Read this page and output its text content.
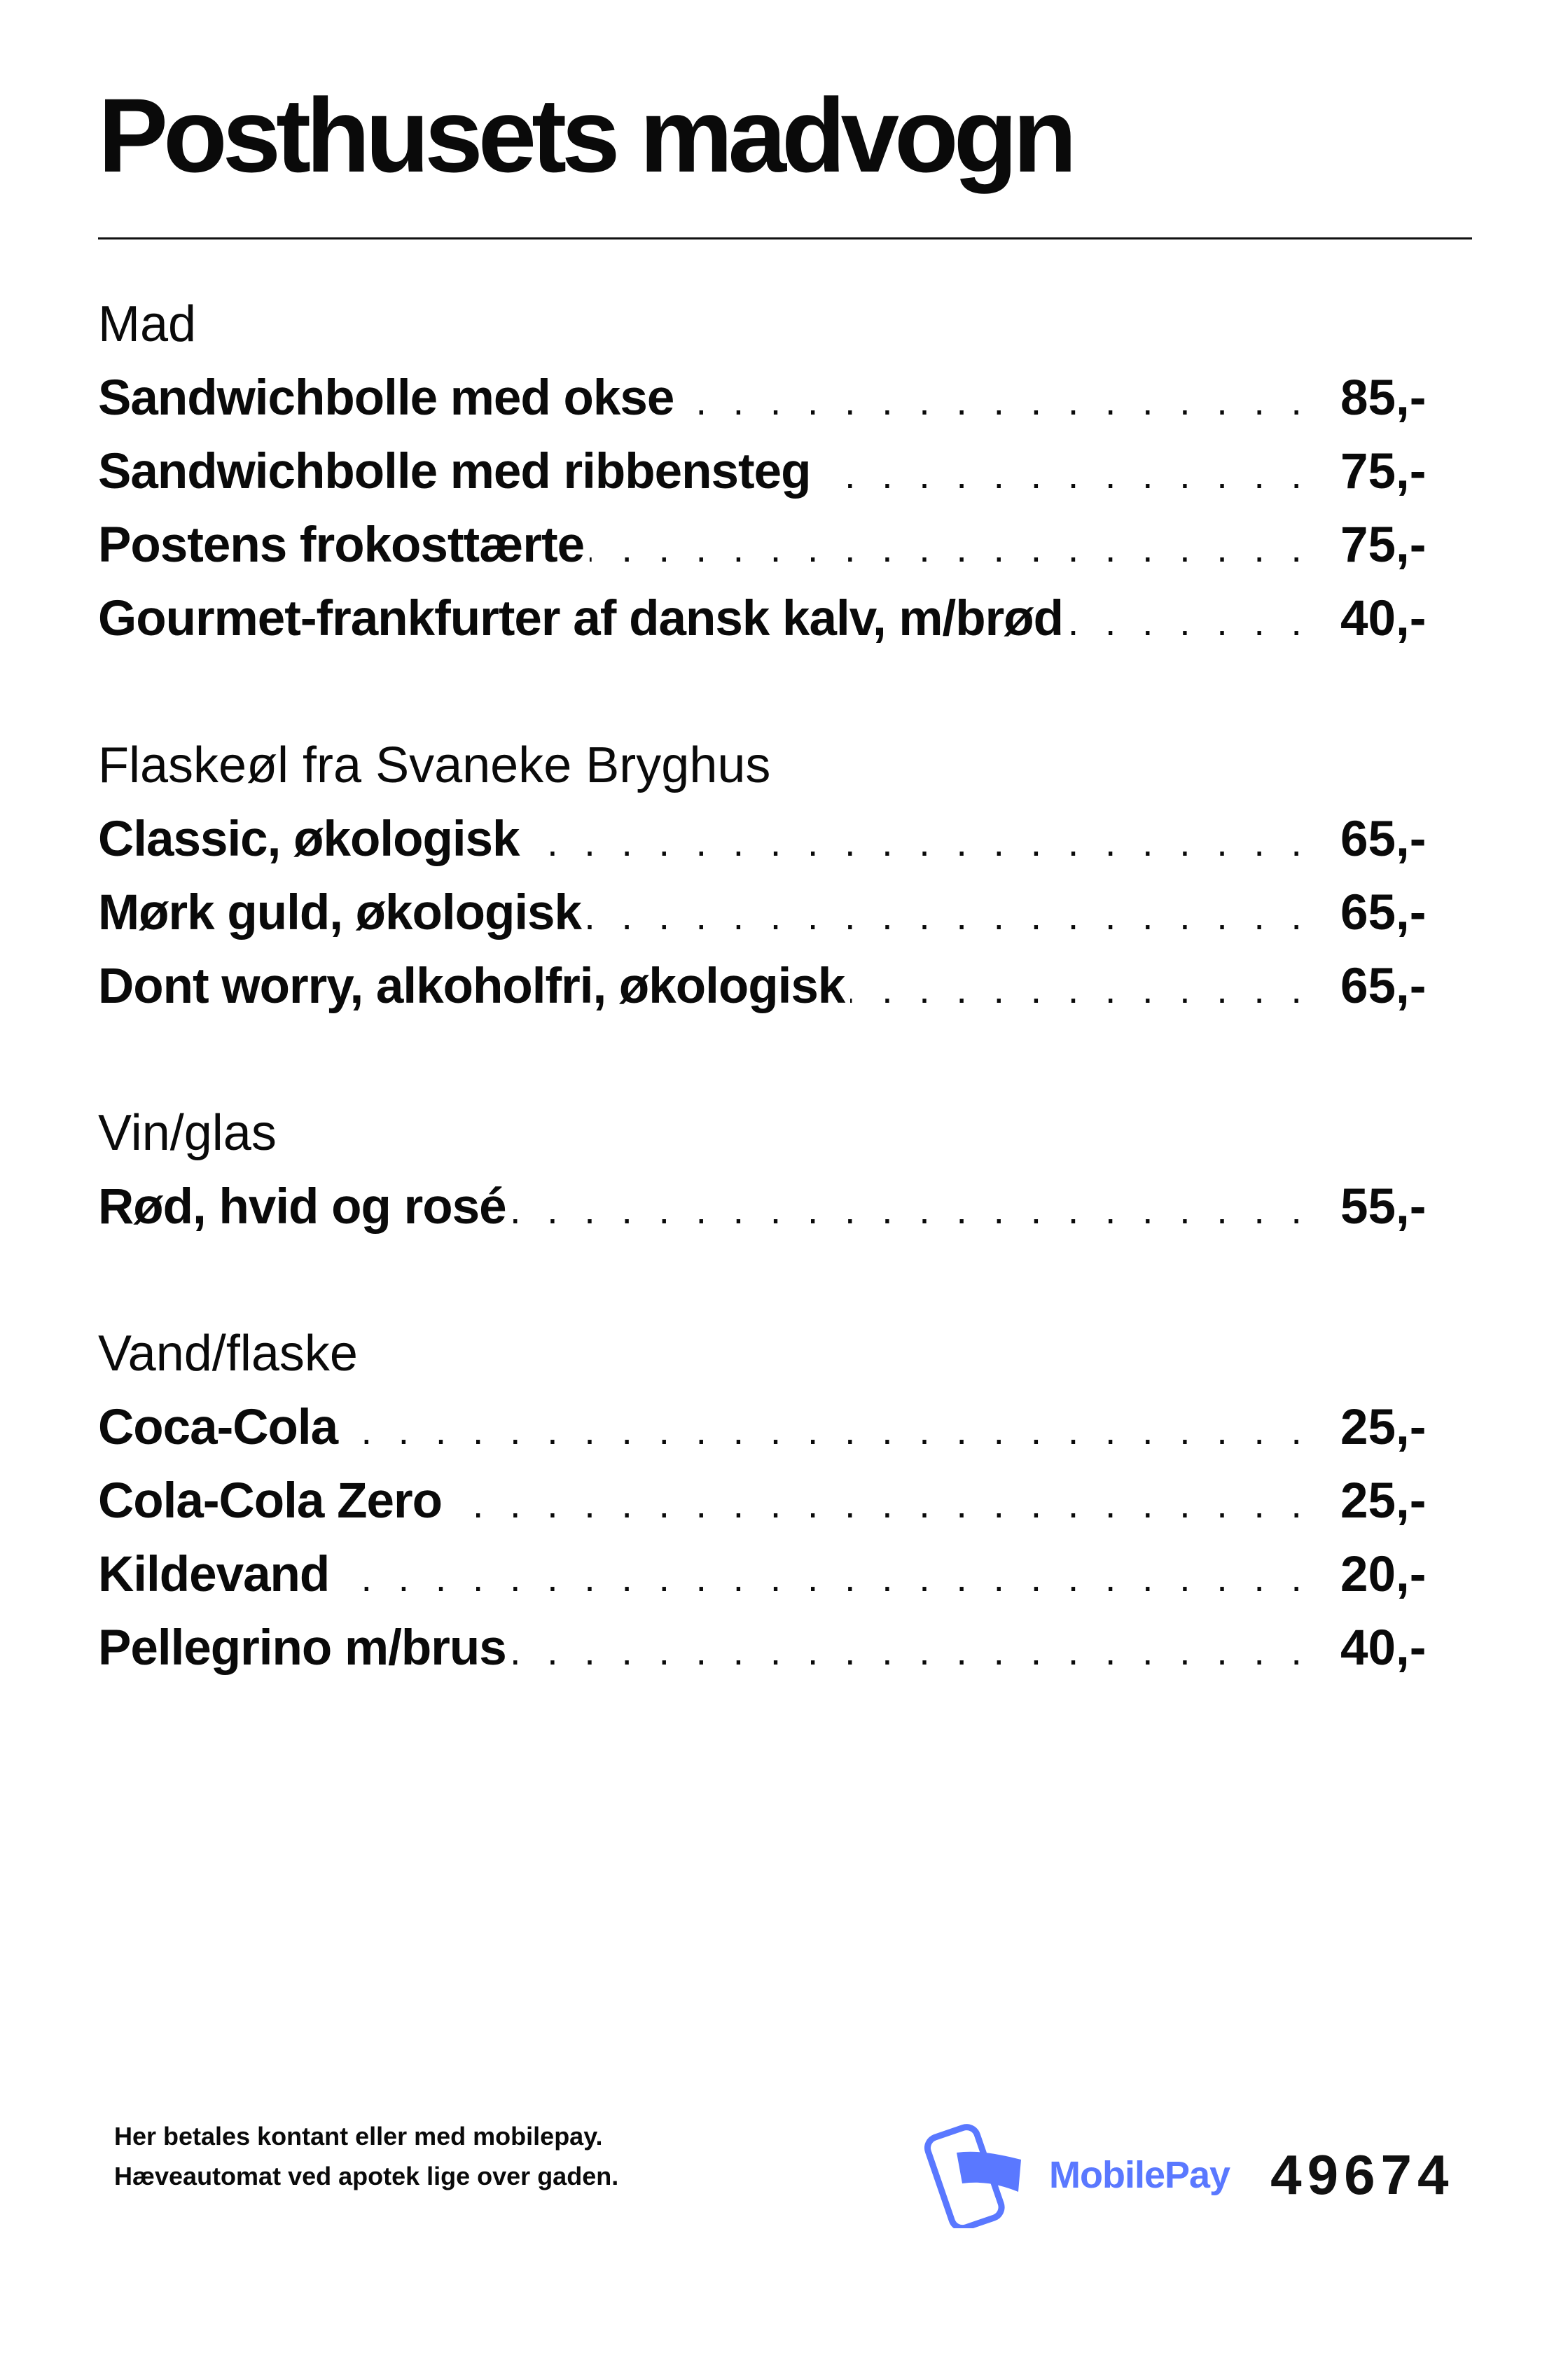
Posthusets madvogn
Mad
Sandwichbolle med okse . . .	85,-
Sandwichbolle med ribbensteg . . .	75,-
Postens frokosttærte . . .	75,-
Gourmet-frankfurter af dansk kalv, m/brød . . .	40,-
Flaskeøl fra Svaneke Bryghus
Classic, økologisk . . .	65,-
Mørk guld, økologisk . . .	65,-
Dont worry, alkoholfri, økologisk . . .	65,-
Vin/glas
Rød, hvid og rosé . . .	55,-
Vand/flaske
Coca-Cola . . .	25,-
Cola-Cola Zero . . .	25,-
Kildevand . . .	20,-
Pellegrino m/brus . . .	40,-
Her betales kontant eller med mobilepay.
Hæveautomat ved apotek lige over gaden.	MobilePay 49674
